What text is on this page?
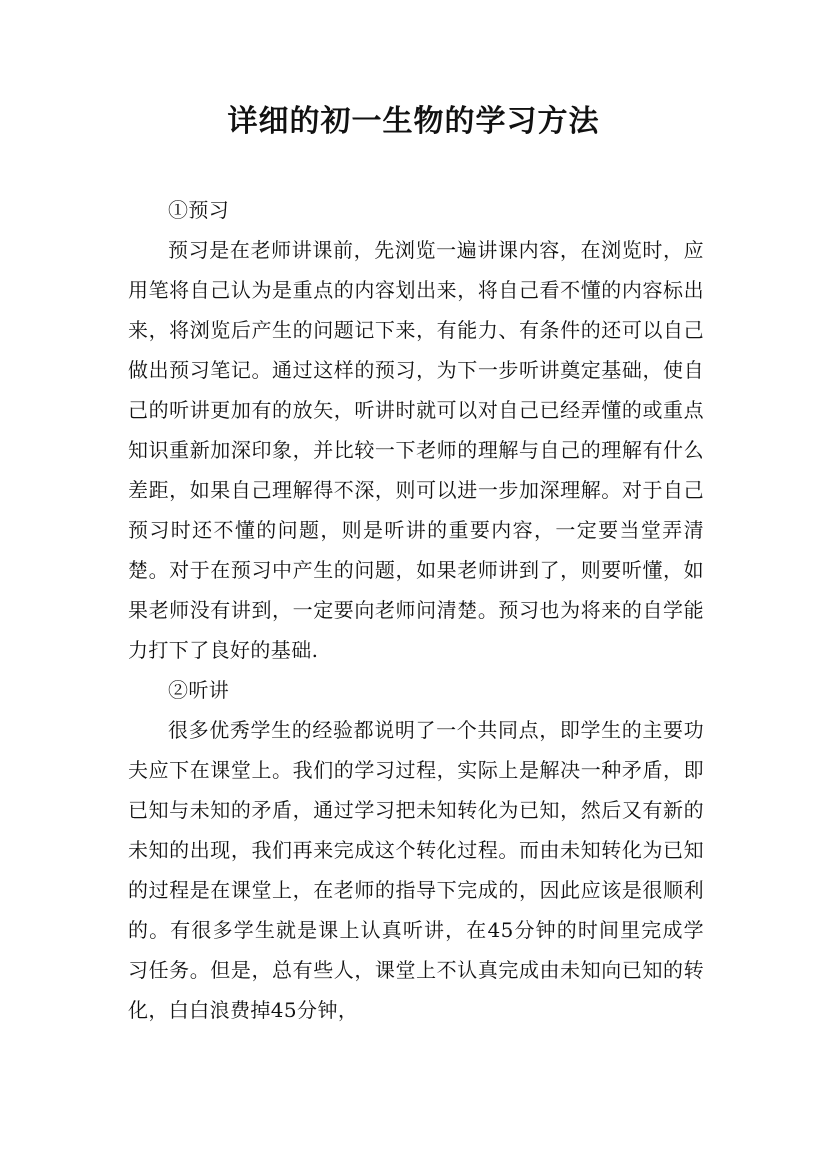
详细的初一生物的学习方法

①预习

预习是在老师讲课前，先浏览一遍讲课内容，在浏览时，应用笔将自己认为是重点的内容划出来，将自己看不懂的内容标出来，将浏览后产生的问题记下来，有能力、有条件的还可以自己做出预习笔记。通过这样的预习，为下一步听讲奠定基础，使自己的听讲更加有的放矢，听讲时就可以对自己已经弄懂的或重点知识重新加深印象，并比较一下老师的理解与自己的理解有什么差距，如果自己理解得不深，则可以进一步加深理解。对于自己预习时还不懂的问题，则是听讲的重要内容，一定要当堂弄清楚。对于在预习中产生的问题，如果老师讲到了，则要听懂，如果老师没有讲到，一定要向老师问清楚。预习也为将来的自学能力打下了良好的基础.

②听讲

很多优秀学生的经验都说明了一个共同点，即学生的主要功夫应下在课堂上。我们的学习过程，实际上是解决一种矛盾，即已知与未知的矛盾，通过学习把未知转化为已知，然后又有新的未知的出现，我们再来完成这个转化过程。而由未知转化为已知的过程是在课堂上，在老师的指导下完成的，因此应该是很顺利的。有很多学生就是课上认真听讲，在45分钟的时间里完成学习任务。但是，总有些人，课堂上不认真完成由未知向已知的转化，白白浪费掉45分钟，
